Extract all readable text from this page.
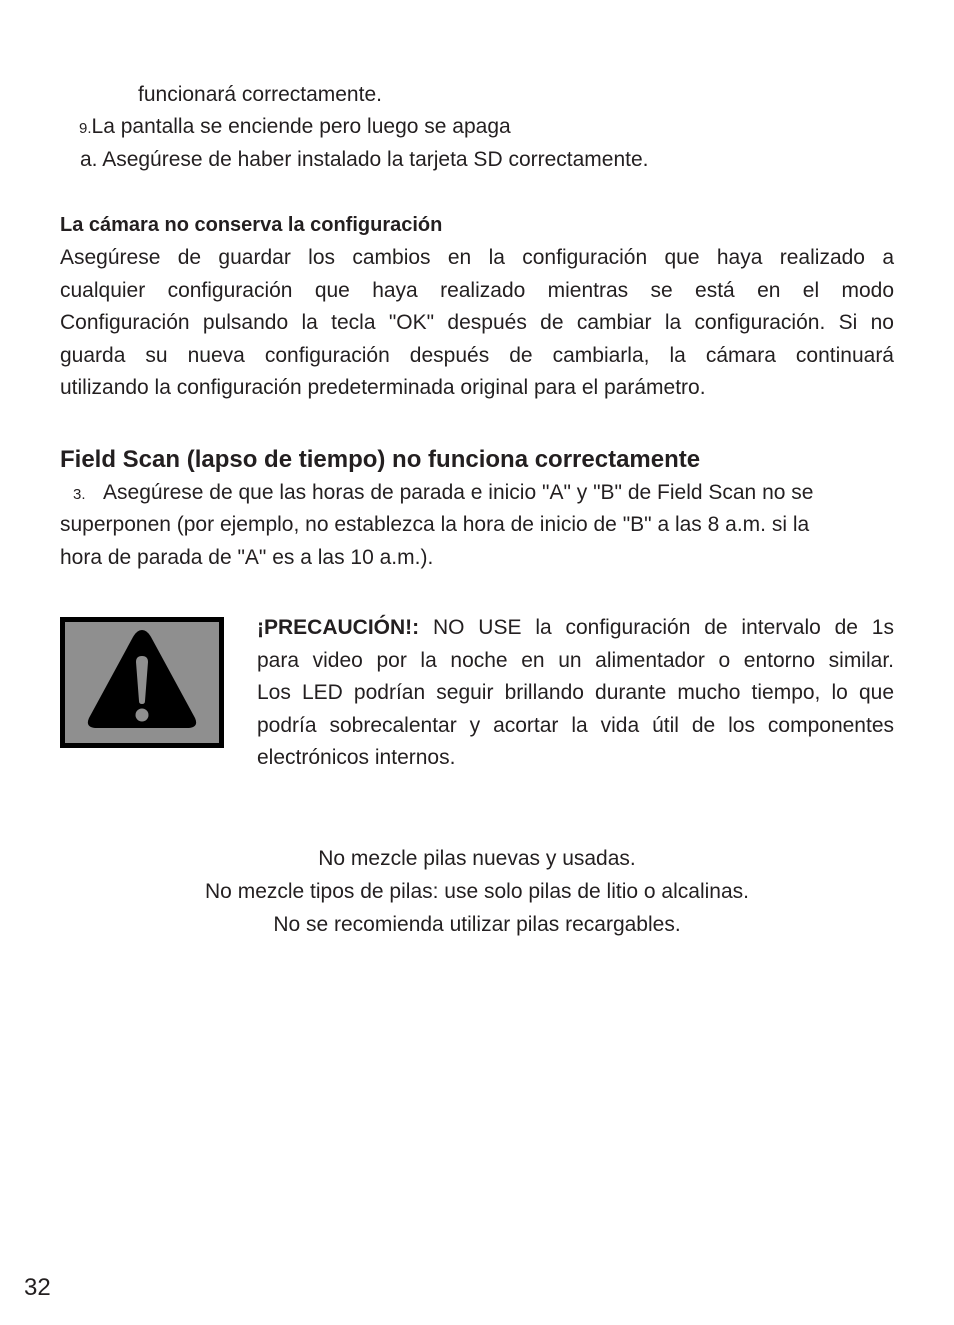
funcionará correctamente.
9.La pantalla se enciende pero luego se apaga
a. Asegúrese de haber instalado la tarjeta SD correctamente.
La cámara no conserva la configuración
Asegúrese de guardar los cambios en la configuración que haya realizado a
cualquier configuración que haya realizado mientras se está en el modo
Configuración pulsando la tecla "OK" después de cambiar la configuración. Si no
guarda su nueva configuración después de cambiarla, la cámara continuará
utilizando la configuración predeterminada original para el parámetro.
Field Scan (lapso de tiempo) no funciona correctamente
3. Asegúrese de que las horas de parada e inicio "A" y "B" de Field Scan no se
superponen (por ejemplo, no establezca la hora de inicio de "B" a las 8 a.m. si la
hora de parada de "A" es a las 10 a.m.).
¡PRECAUCIÓN!: NO USE la configuración de intervalo de 1s
para video por la noche en un alimentador o entorno similar.
Los LED podrían seguir brillando durante mucho tiempo, lo que
podría sobrecalentar y acortar la vida útil de los componentes
electrónicos internos.
No mezcle pilas nuevas y usadas.
No mezcle tipos de pilas: use solo pilas de litio o alcalinas.
No se recomienda utilizar pilas recargables.
32
